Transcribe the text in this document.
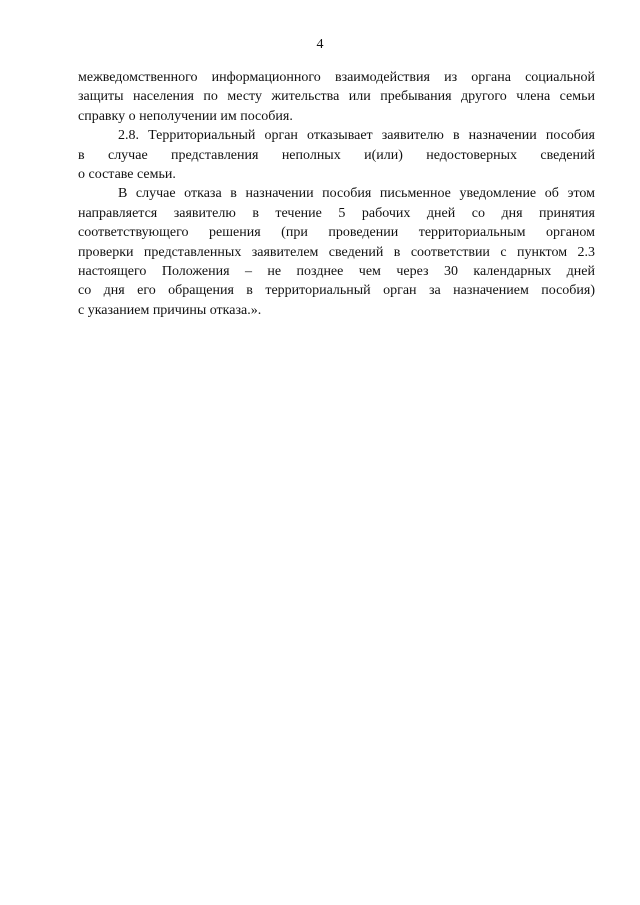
4
межведомственного информационного взаимодействия из органа социальной
защиты населения по месту жительства или пребывания другого члена семьи
справку о неполучении им пособия.
2.8. Территориальный орган отказывает заявителю в назначении пособия
в случае представления неполных и(или) недостоверных сведений
о составе семьи.
В случае отказа в назначении пособия письменное уведомление об этом
направляется заявителю в течение 5 рабочих дней со дня принятия
соответствующего решения (при проведении территориальным органом
проверки представленных заявителем сведений в соответствии с пунктом 2.3
настоящего Положения – не позднее чем через 30 календарных дней
со дня его обращения в территориальный орган за назначением пособия)
с указанием причины отказа.».
